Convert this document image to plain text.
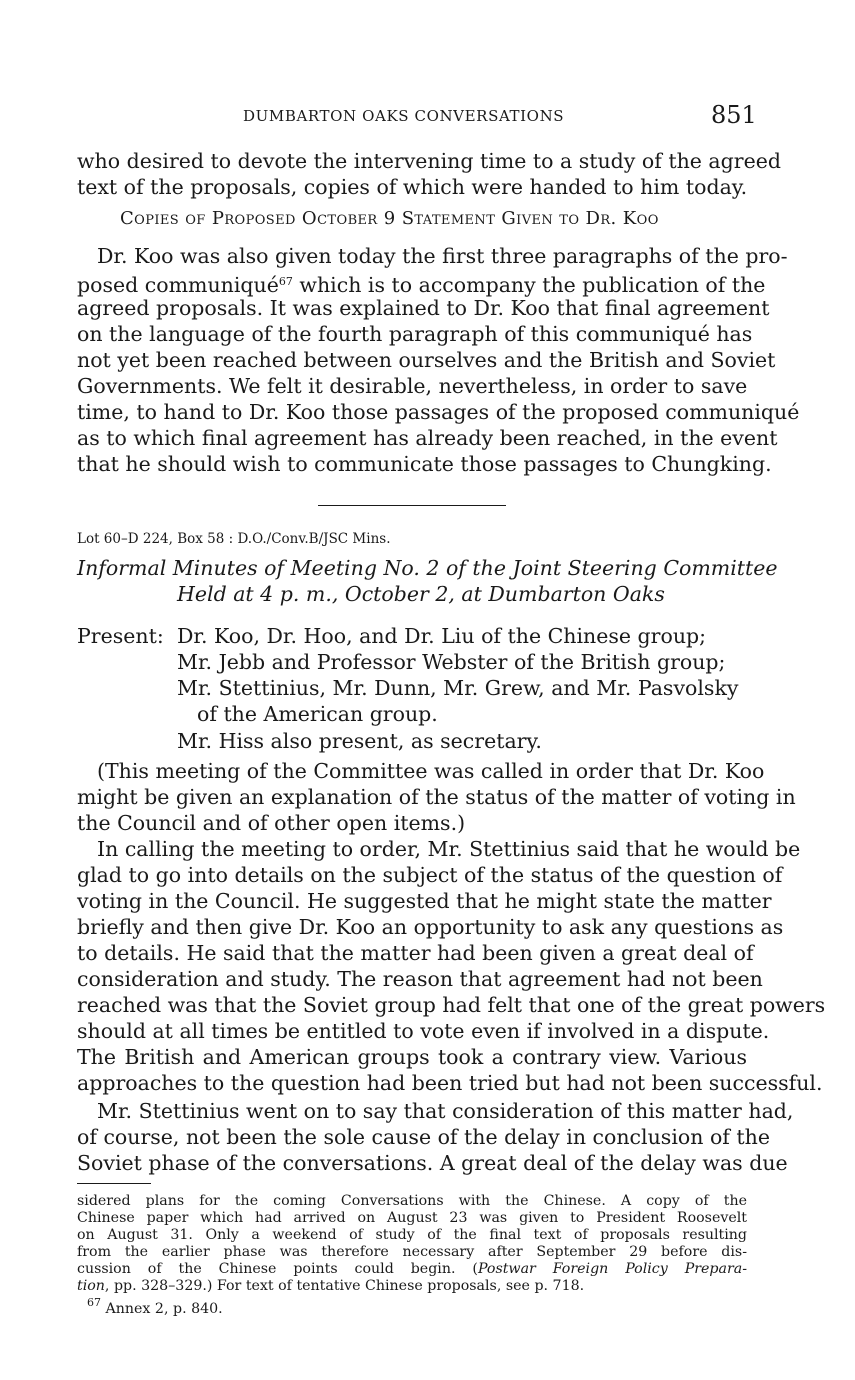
DUMBARTON OAKS CONVERSATIONS	851
who desired to devote the intervening time to a study of the agreed
text of the proposals, copies of which were handed to him today.
Copies of Proposed October 9 Statement Given to Dr. Koo
Dr. Koo was also given today the first three paragraphs of the pro-
posed communiqué$^{67}$ which is to accompany the publication of the
agreed proposals. It was explained to Dr. Koo that final agreement
on the language of the fourth paragraph of this communiqué has
not yet been reached between ourselves and the British and Soviet
Governments. We felt it desirable, nevertheless, in order to save
time, to hand to Dr. Koo those passages of the proposed communiqué
as to which final agreement has already been reached, in the event
that he should wish to communicate those passages to Chungking.
Lot 60–D 224, Box 58 : D.O./Conv.B/JSC Mins.
Informal Minutes of Meeting No. 2 of the Joint Steering Committee
Held at 4 p. m., October 2, at Dumbarton Oaks
Present: Dr. Koo, Dr. Hoo, and Dr. Liu of the Chinese group;
Mr. Jebb and Professor Webster of the British group;
Mr. Stettinius, Mr. Dunn, Mr. Grew, and Mr. Pasvolsky
of the American group.
Mr. Hiss also present, as secretary.
(This meeting of the Committee was called in order that Dr. Koo
might be given an explanation of the status of the matter of voting in
the Council and of other open items.)
In calling the meeting to order, Mr. Stettinius said that he would be
glad to go into details on the subject of the status of the question of
voting in the Council. He suggested that he might state the matter
briefly and then give Dr. Koo an opportunity to ask any questions as
to details. He said that the matter had been given a great deal of
consideration and study. The reason that agreement had not been
reached was that the Soviet group had felt that one of the great powers
should at all times be entitled to vote even if involved in a dispute.
The British and American groups took a contrary view. Various
approaches to the question had been tried but had not been successful.
Mr. Stettinius went on to say that consideration of this matter had,
of course, not been the sole cause of the delay in conclusion of the
Soviet phase of the conversations. A great deal of the delay was due
sidered plans for the coming Conversations with the Chinese. A copy of the
Chinese paper which had arrived on August 23 was given to President Roosevelt
on August 31. Only a weekend of study of the final text of proposals resulting
from the earlier phase was therefore necessary after September 29 before dis-
cussion of the Chinese points could begin. (Postwar Foreign Policy Prepara-
tion, pp. 328–329.) For text of tentative Chinese proposals, see p. 718.
$^{67}$ Annex 2, p. 840.
